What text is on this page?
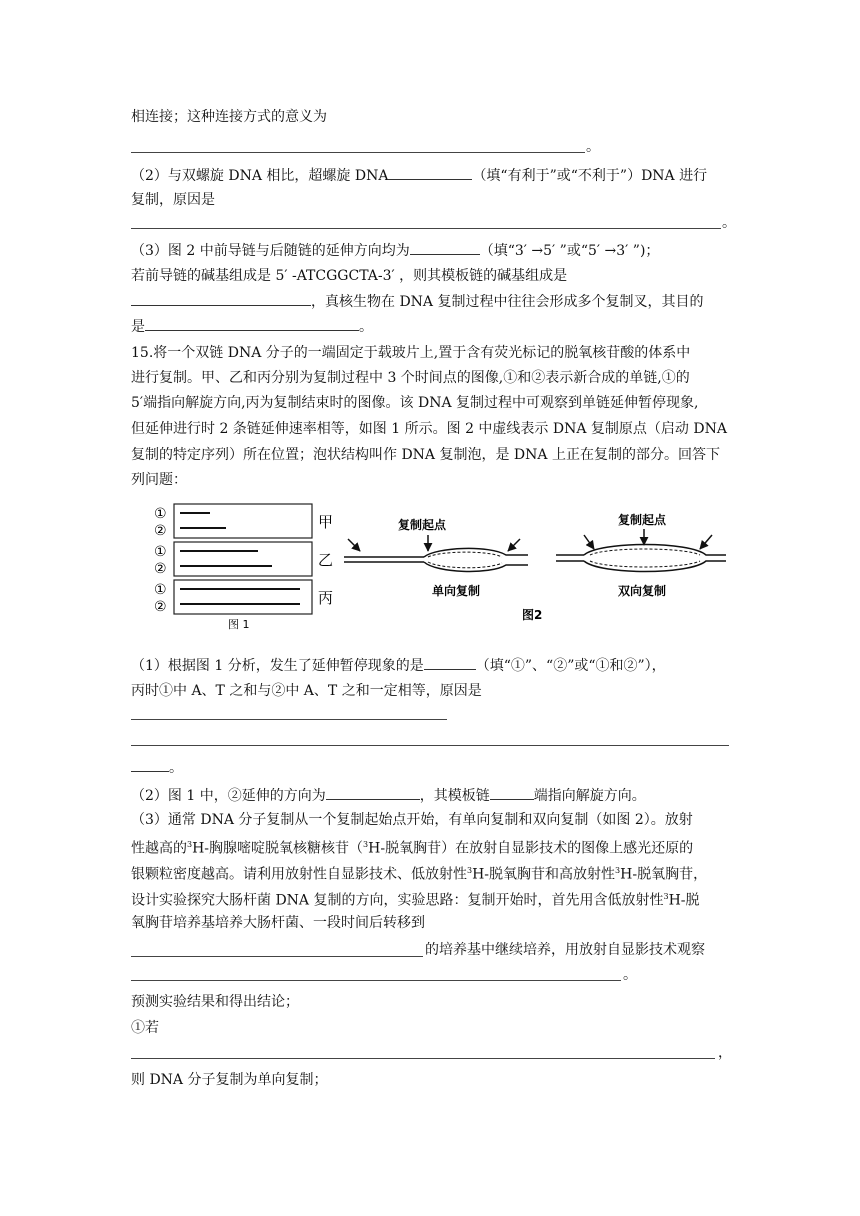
相连接；这种连接方式的意义为
。
（2）与双螺旋 DNA 相比，超螺旋 DNA	（填“有利于”或“不利于”）DNA 进行
复制，原因是
。
（3）图 2 中前导链与后随链的延伸方向均为	（填“3′ →5′ ”或“5′ →3′ ”)；
若前导链的碱基组成是 5′ -ATCGGCTA-3′ ，则其模板链的碱基组成是
，真核生物在 DNA 复制过程中往往会形成多个复制叉，其目的
是	。
15.将一个双链 DNA 分子的一端固定于载玻片上,置于含有荧光标记的脱氧核苷酸的体系中
进行复制。甲、乙和丙分别为复制过程中 3 个时间点的图像,①和②表示新合成的单链,①的
5′端指向解旋方向,丙为复制结束时的图像。该 DNA 复制过程中可观察到单链延伸暂停现象,
但延伸进行时 2 条链延伸速率相等，如图 1 所示。图 2 中虚线表示 DNA 复制原点（启动 DNA
复制的特定序列）所在位置；泡状结构叫作 DNA 复制泡，是 DNA 上正在复制的部分。回答下
列问题：
①
②	甲
①
②	乙
①
②	丙
图 1
复制起点
单向复制
图2
复制起点
双向复制
（1）根据图 1 分析，发生了延伸暂停现象的是	（填“①”、“②”或“①和②”），
丙时①中 A、T 之和与②中 A、T 之和一定相等，原因是
。
（2）图 1 中，②延伸的方向为	，其模板链	端指向解旋方向。
（3）通常 DNA 分子复制从一个复制起始点开始，有单向复制和双向复制（如图 2）。放射
性越高的$^3$H-胸腺嘧啶脱氧核糖核苷（$^3$H-脱氧胸苷）在放射自显影技术的图像上感光还原的
银颗粒密度越高。请利用放射性自显影技术、低放射性$^3$H-脱氧胸苷和高放射性$^3$H-脱氧胸苷，
设计实验探究大肠杆菌 DNA 复制的方向，实验思路：复制开始时，首先用含低放射性$^3$H-脱
氧胸苷培养基培养大肠杆菌、一段时间后转移到
的培养基中继续培养，用放射自显影技术观察
。
预测实验结果和得出结论；
①若
，
则 DNA 分子复制为单向复制；
